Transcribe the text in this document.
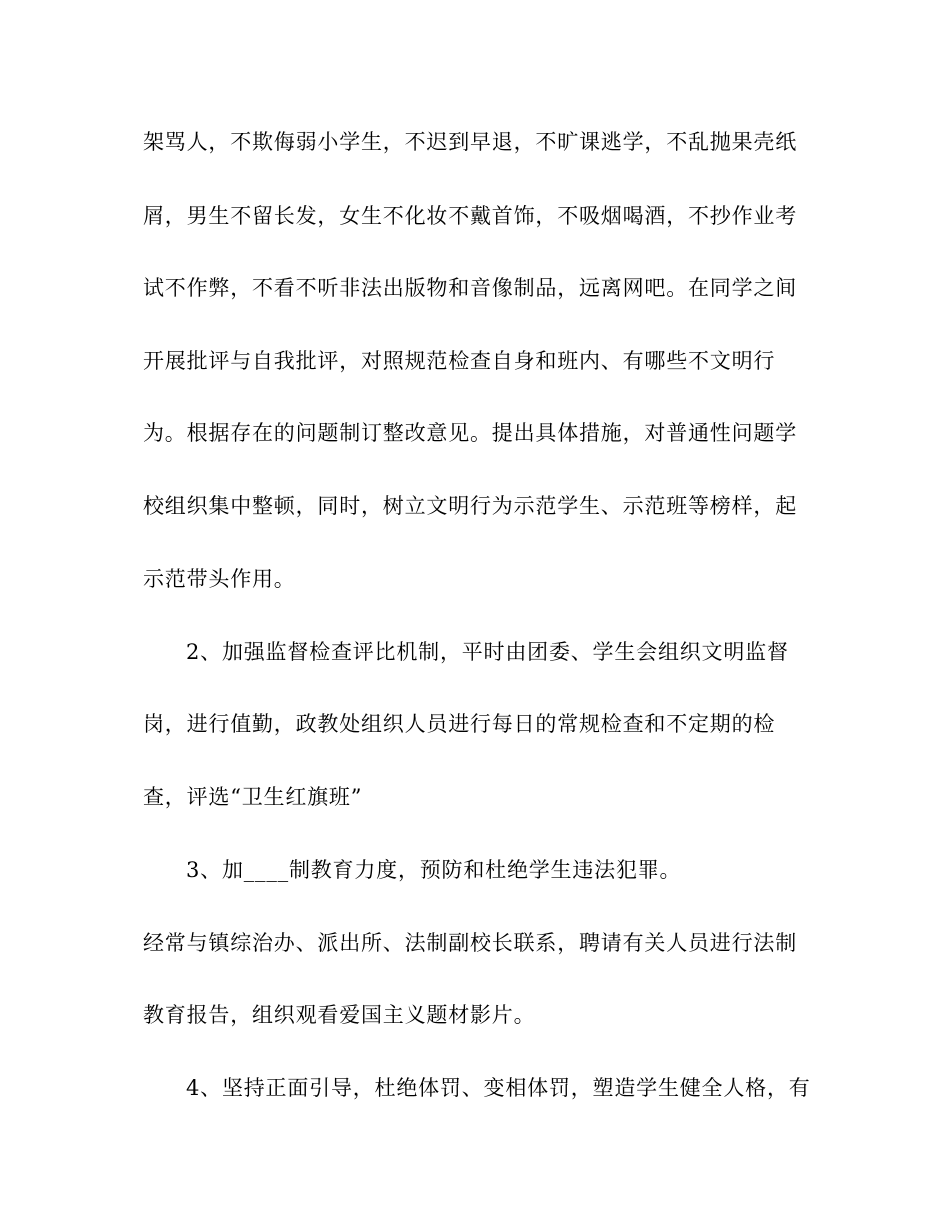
架骂人，不欺侮弱小学生，不迟到早退，不旷课逃学，不乱抛果壳纸
屑，男生不留长发，女生不化妆不戴首饰，不吸烟喝酒，不抄作业考
试不作弊，不看不听非法出版物和音像制品，远离网吧。在同学之间
开展批评与自我批评，对照规范检查自身和班内、有哪些不文明行
为。根据存在的问题制订整改意见。提出具体措施，对普通性问题学
校组织集中整顿，同时，树立文明行为示范学生、示范班等榜样，起
示范带头作用。
2、加强监督检查评比机制，平时由团委、学生会组织文明监督
岗，进行值勤，政教处组织人员进行每日的常规检查和不定期的检
查，评选“卫生红旗班”
3、加____制教育力度，预防和杜绝学生违法犯罪。
经常与镇综治办、派出所、法制副校长联系，聘请有关人员进行法制
教育报告，组织观看爱国主义题材影片。
4、坚持正面引导，杜绝体罚、变相体罚，塑造学生健全人格，有
